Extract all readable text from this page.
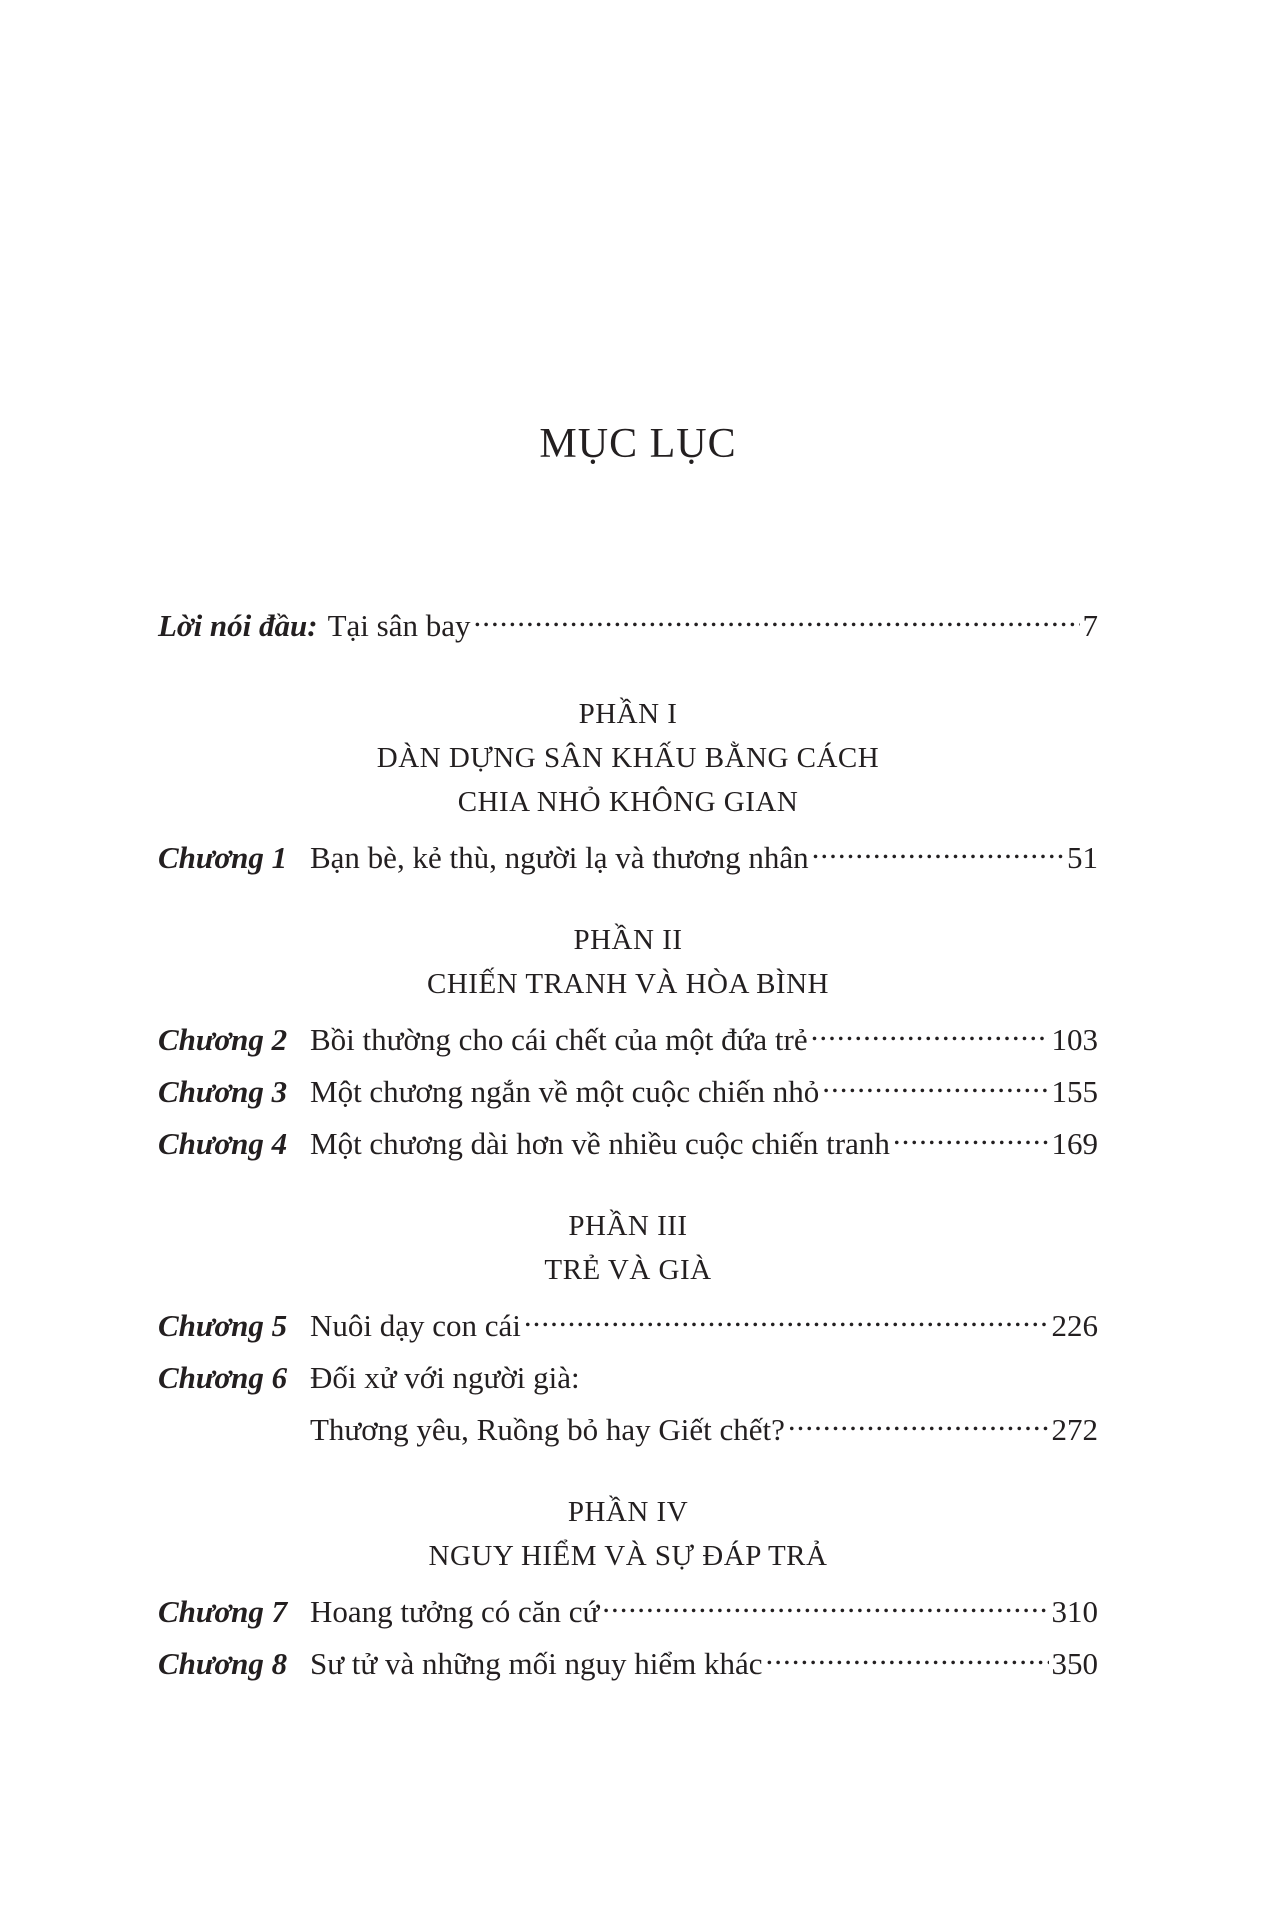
MỤC LỤC
Lời nói đầu: Tại sân bay .....	7
PHẦN I
DÀN DỰNG SÂN KHẤU BẰNG CÁCH
CHIA NHỎ KHÔNG GIAN
Chương 1 Bạn bè, kẻ thù, người lạ và thương nhân .....	51
PHẦN II
CHIẾN TRANH VÀ HÒA BÌNH
Chương 2 Bồi thường cho cái chết của một đứa trẻ .....	103
Chương 3 Một chương ngắn về một cuộc chiến nhỏ .....	155
Chương 4 Một chương dài hơn về nhiều cuộc chiến tranh .....	169
PHẦN III
TRẺ VÀ GIÀ
Chương 5 Nuôi dạy con cái .....	226
Chương 6 Đối xử với người già:
Thương yêu, Ruồng bỏ hay Giết chết? .....	272
PHẦN IV
NGUY HIỂM VÀ SỰ ĐÁP TRẢ
Chương 7 Hoang tưởng có căn cứ .....	310
Chương 8 Sư tử và những mối nguy hiểm khác .....	350
